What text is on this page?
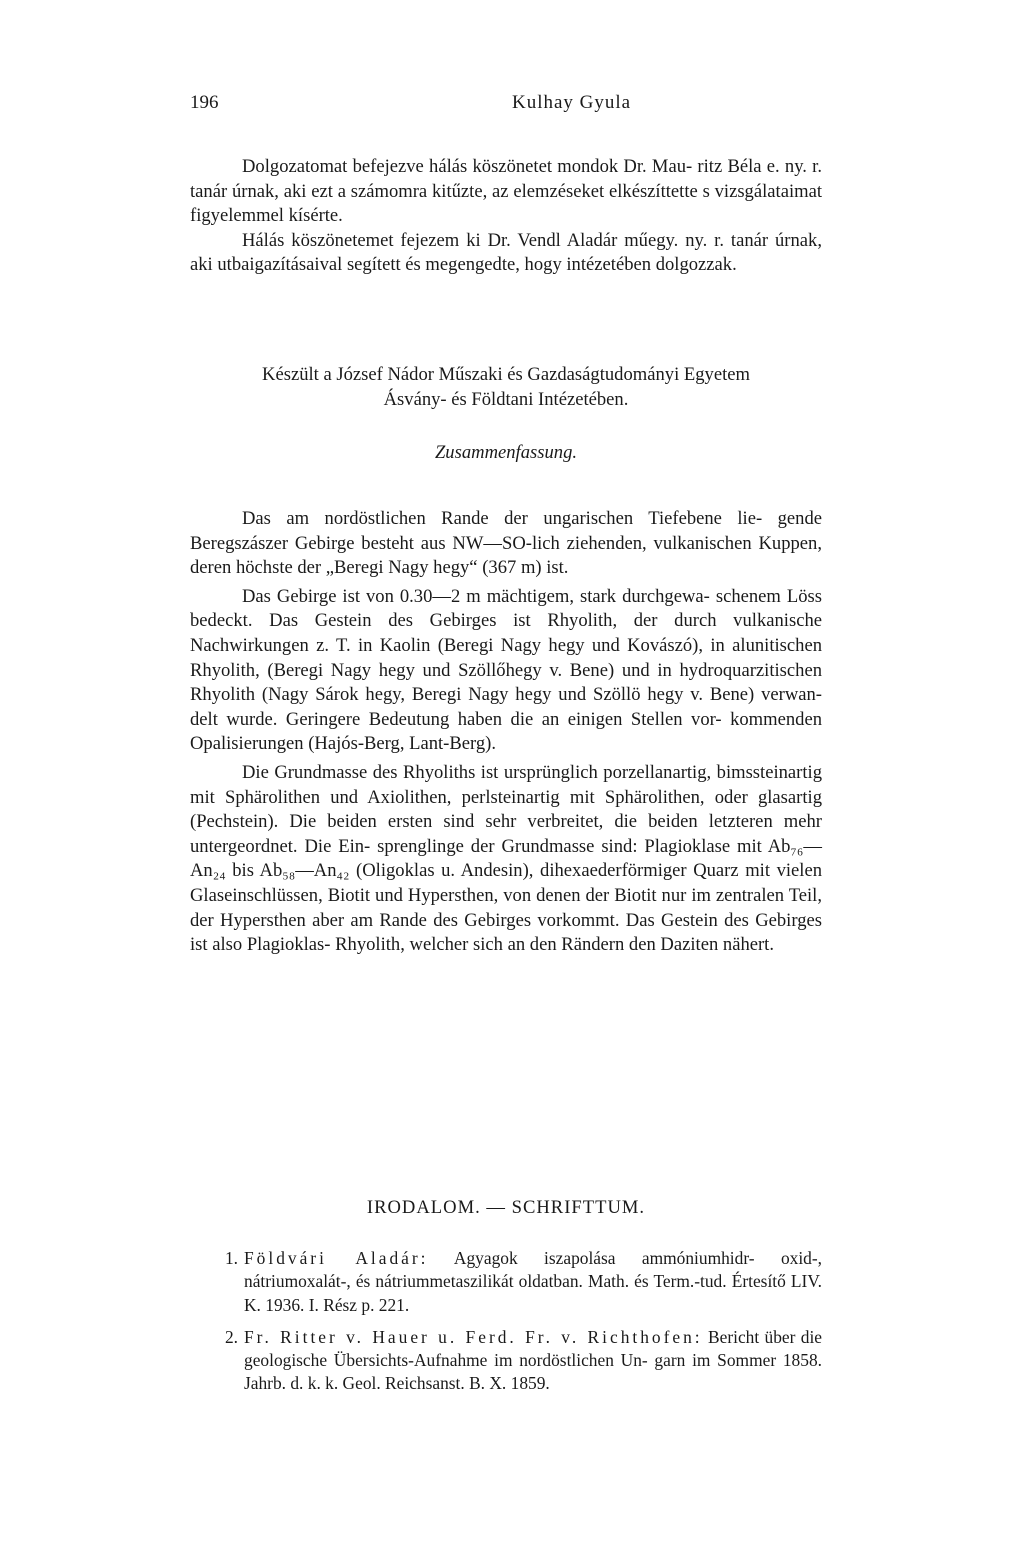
196	Kulhay Gyula

Dolgozatomat befejezve hálás köszönetet mondok Dr. Mau- ritz Béla e. ny. r. tanár úrnak, aki ezt a számomra kitűzte, az elemzéseket elkészíttette s vizsgálataimat figyelemmel kísérte.

Hálás köszönetemet fejezem ki Dr. Vendl Aladár műegy. ny. r. tanár úrnak, aki utbaigazításaival segített és megengedte, hogy intézetében dolgozzak.

Készült a József Nádor Műszaki és Gazdaságtudományi Egyetem
Ásvány- és Földtani Intézetében.
Zusammenfassung.

Das am nordöstlichen Rande der ungarischen Tiefebene lie- gende Beregszászer Gebirge besteht aus NW—SO-lich ziehenden, vulkanischen Kuppen, deren höchste der „Beregi Nagy hegy“ (367 m) ist.

Das Gebirge ist von 0.30—2 m mächtigem, stark durchgewa- schenem Löss bedeckt. Das Gestein des Gebirges ist Rhyolith, der durch vulkanische Nachwirkungen z. T. in Kaolin (Beregi Nagy hegy und Kovászó), in alunitischen Rhyolith, (Beregi Nagy hegy und Szöllőhegy v. Bene) und in hydroquarzitischen Rhyolith (Nagy Sárok hegy, Beregi Nagy hegy und Szöllö hegy v. Bene) verwan- delt wurde. Geringere Bedeutung haben die an einigen Stellen vor- kommenden Opalisierungen (Hajós-Berg, Lant-Berg).

Die Grundmasse des Rhyoliths ist ursprünglich porzellanartig, bimssteinartig mit Sphärolithen und Axiolithen, perlsteinartig mit Sphärolithen, oder glasartig (Pechstein). Die beiden ersten sind sehr verbreitet, die beiden letzteren mehr untergeordnet. Die Ein- sprenglinge der Grundmasse sind: Plagioklase mit Ab₇₆— An₂₄ bis Ab₅₈—An₄₂ (Oligoklas u. Andesin), dihexaederförmiger Quarz mit vielen Glaseinschlüssen, Biotit und Hypersthen, von denen der Biotit nur im zentralen Teil, der Hypersthen aber am Rande des Gebirges vorkommt. Das Gestein des Gebirges ist also Plagioklas- Rhyolith, welcher sich an den Rändern den Daziten nähert.

IRODALOM. — SCHRIFTTUM.
1. Földvári Aladár: Agyagok iszapolása ammóniumhidr- oxid-, nátriumoxalát-, és nátriummetaszilikát oldatban. Math. és Term.-tud. Értesítő LIV. K. 1936. I. Rész p. 221.
2. Fr. Ritter v. Hauer u. Ferd. Fr. v. Richthofen: Bericht über die geologische Übersichts-Aufnahme im nordöstlichen Un- garn im Sommer 1858. Jahrb. d. k. k. Geol. Reichsanst. B. X. 1859.
